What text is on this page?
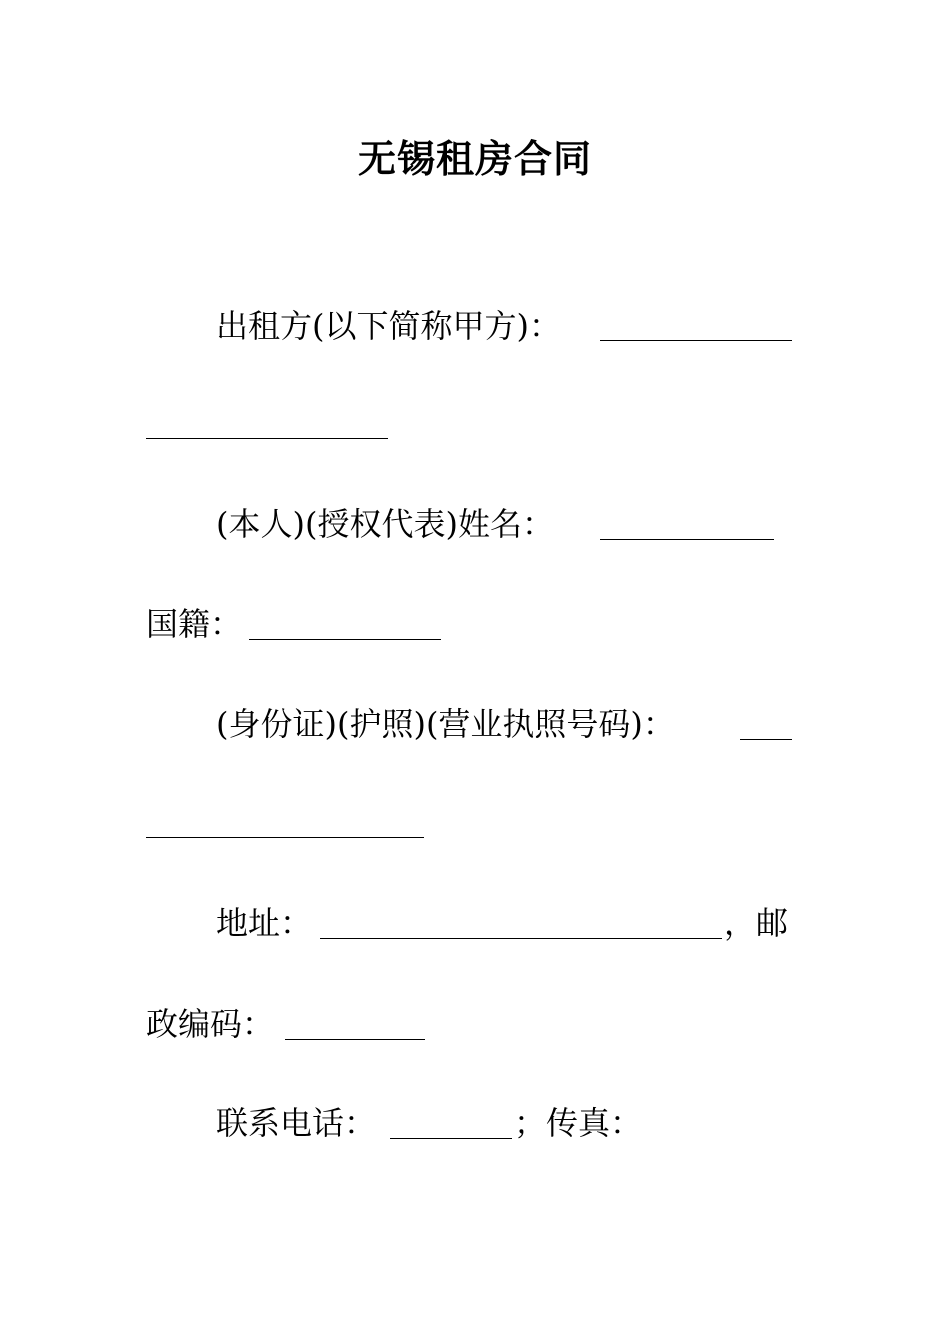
无锡租房合同
出租方(以下简称甲方)：
(本人)(授权代表)姓名：
国籍：
(身份证)(护照)(营业执照号码)：
地址：	，邮
政编码：
联系电话：	；传真：
